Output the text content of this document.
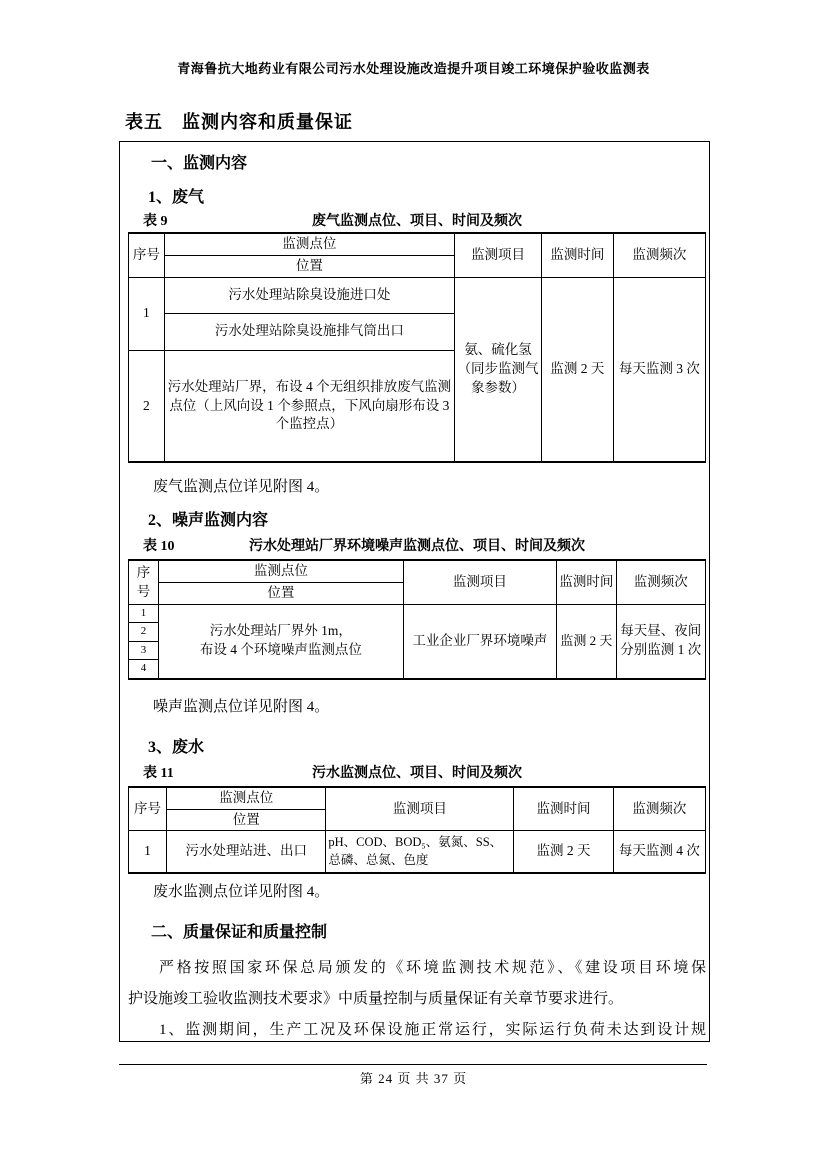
青海鲁抗大地药业有限公司污水处理设施改造提升项目竣工环境保护验收监测表
表五　监测内容和质量保证
一、监测内容
1、废气
表 9	废气监测点位、项目、时间及频次
序号	监测点位	监测项目	监测时间	监测频次
	位置			
1	污水处理站除臭设施进口处	氨、硫化氢（同步监测气象参数）	监测 2 天	每天监测 3 次
	污水处理站除臭设施排气筒出口			
2	污水处理站厂界，布设 4 个无组织排放废气监测点位（上风向设 1 个参照点，下风向扇形布设 3 个监控点）			
废气监测点位详见附图 4。
2、噪声监测内容
表 10	污水处理站厂界环境噪声监测点位、项目、时间及频次
序号	监测点位	监测项目	监测时间	监测频次
	位置			
1	污水处理站厂界外 1m，
布设 4 个环境噪声监测点位	工业企业厂界环境噪声	监测 2 天	每天昼、夜间分别监测 1 次
2				
3				
4				
噪声监测点位详见附图 4。
3、废水
表 11	污水监测点位、项目、时间及频次
序号	监测点位	监测项目	监测时间	监测频次
	位置			
1	污水处理站进、出口	pH、COD、BOD₅、氨氮、SS、总磷、总氮、色度	监测 2 天	每天监测 4 次
废水监测点位详见附图 4。
二、质量保证和质量控制
严格按照国家环保总局颁发的《环境监测技术规范》、《建设项目环境保
护设施竣工验收监测技术要求》中质量控制与质量保证有关章节要求进行。
1、监测期间，生产工况及环保设施正常运行，实际运行负荷未达到设计规
第 24 页 共 37 页
